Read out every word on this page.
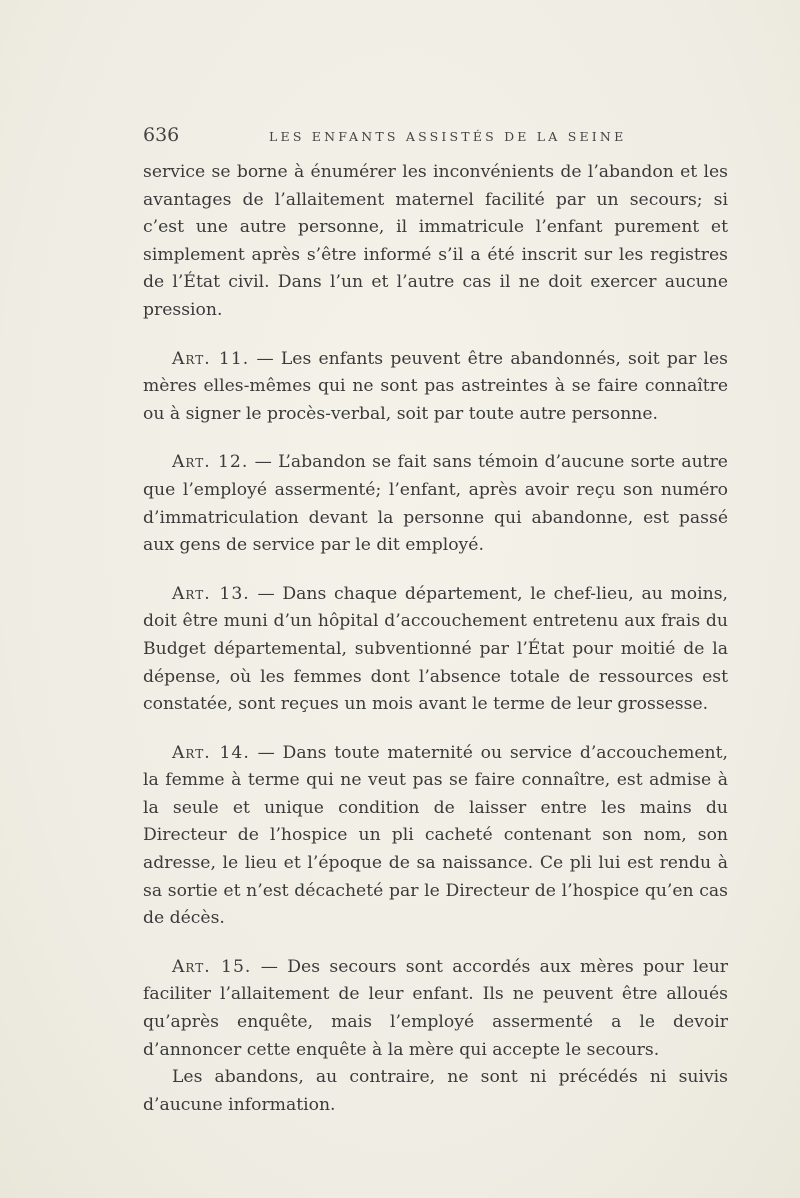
636	LES ENFANTS ASSISTÉS DE LA SEINE

service se borne à énumérer les inconvénients de l’abandon et les avantages de l’allaitement maternel facilité par un secours; si c’est une autre personne, il immatricule l’enfant purement et simplement après s’être informé s’il a été inscrit sur les registres de l’État civil. Dans l’un et l’autre cas il ne doit exercer aucune pression.

Art. 11. — Les enfants peuvent être abandonnés, soit par les mères elles-mêmes qui ne sont pas astreintes à se faire connaître ou à signer le procès-verbal, soit par toute autre personne.

Art. 12. — L’abandon se fait sans témoin d’aucune sorte autre que l’employé assermenté; l’enfant, après avoir reçu son numéro d’immatriculation devant la personne qui abandonne, est passé aux gens de service par le dit employé.

Art. 13. — Dans chaque département, le chef-lieu, au moins, doit être muni d’un hôpital d’accouchement entretenu aux frais du Budget départemental, subventionné par l’État pour moitié de la dépense, où les femmes dont l’absence totale de ressources est constatée, sont reçues un mois avant le terme de leur grossesse.

Art. 14. — Dans toute maternité ou service d’accouchement, la femme à terme qui ne veut pas se faire connaître, est admise à la seule et unique condition de laisser entre les mains du Directeur de l’hospice un pli cacheté contenant son nom, son adresse, le lieu et l’époque de sa naissance. Ce pli lui est rendu à sa sortie et n’est décacheté par le Directeur de l’hospice qu’en cas de décès.

Art. 15. — Des secours sont accordés aux mères pour leur faciliter l’allaitement de leur enfant. Ils ne peuvent être alloués qu’après enquête, mais l’employé assermenté a le devoir d’annoncer cette enquête à la mère qui accepte le secours.

Les abandons, au contraire, ne sont ni précédés ni suivis d’aucune information.
